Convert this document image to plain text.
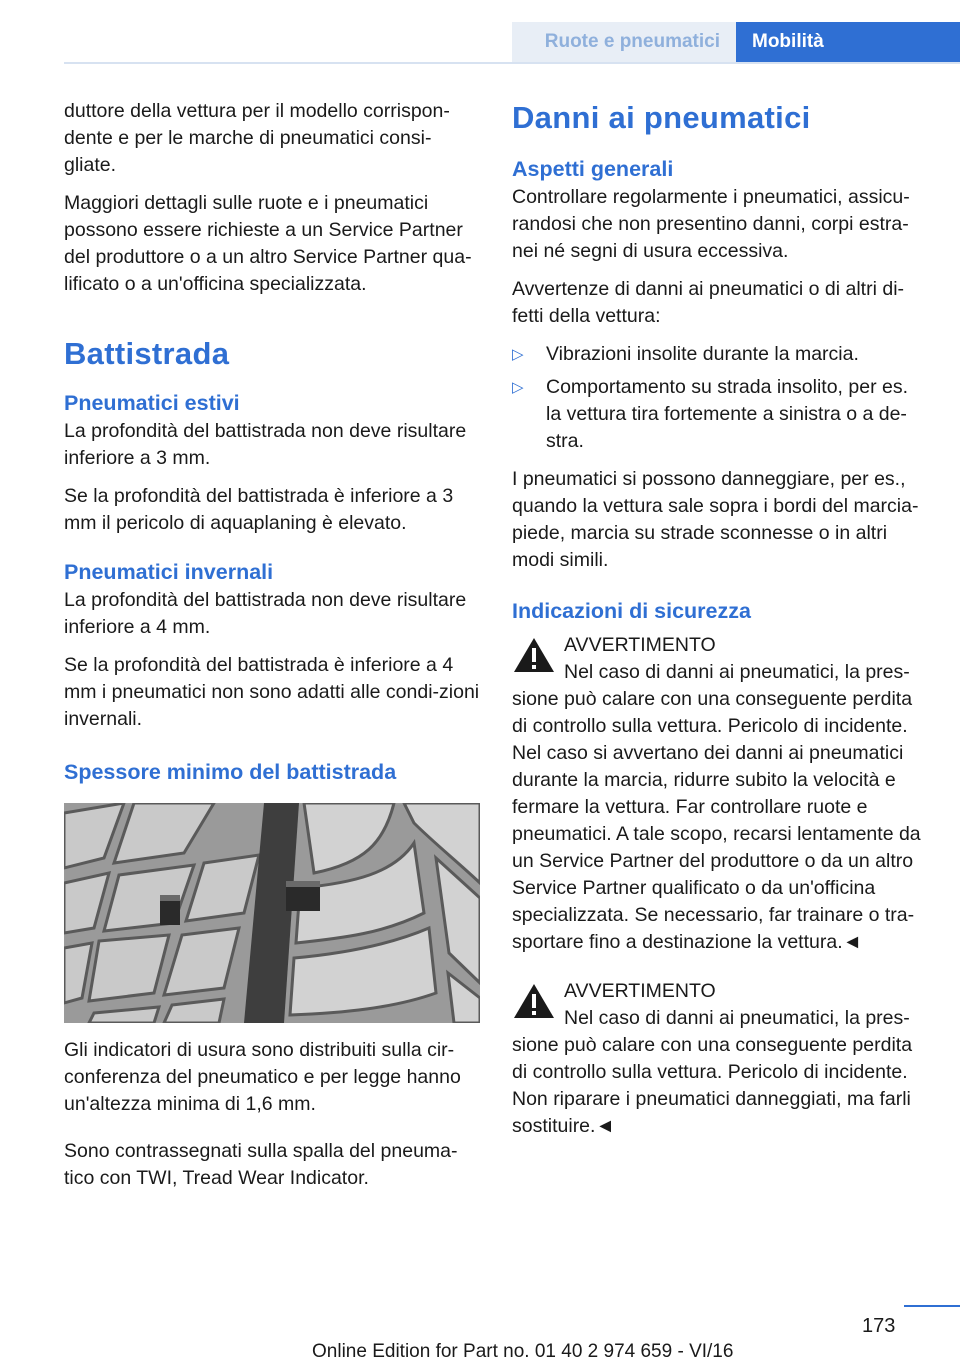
Ruote e pneumatici	Mobilità

duttore della vettura per il modello corrispon-dente e per le marche di pneumatici consi-gliate.

Maggiori dettagli sulle ruote e i pneumatici possono essere richieste a un Service Partner del produttore o a un altro Service Partner qua-lificato o a un'officina specializzata.

Battistrada
Pneumatici estivi

La profondità del battistrada non deve risultare inferiore a 3 mm.

Se la profondità del battistrada è inferiore a 3 mm il pericolo di aquaplaning è elevato.

Pneumatici invernali

La profondità del battistrada non deve risultare inferiore a 4 mm.

Se la profondità del battistrada è inferiore a 4 mm i pneumatici non sono adatti alle condi-zioni invernali.

Spessore minimo del battistrada

Gli indicatori di usura sono distribuiti sulla cir-conferenza del pneumatico e per legge hanno un'altezza minima di 1,6 mm.

Sono contrassegnati sulla spalla del pneuma-tico con TWI, Tread Wear Indicator.

Danni ai pneumatici
Aspetti generali

Controllare regolarmente i pneumatici, assicu-randosi che non presentino danni, corpi estra-nei né segni di usura eccessiva.

Avvertenze di danni ai pneumatici o di altri di-fetti della vettura:

▷ Vibrazioni insolite durante la marcia.
▷ Comportamento su strada insolito, per es. la vettura tira fortemente a sinistra o a de-stra.

I pneumatici si possono danneggiare, per es., quando la vettura sale sopra i bordi del marcia-piede, marcia su strade sconnesse o in altri modi simili.

Indicazioni di sicurezza
AVVERTIMENTO
Nel caso di danni ai pneumatici, la pres-sione può calare con una conseguente perdita di controllo sulla vettura. Pericolo di incidente. Nel caso si avvertano dei danni ai pneumatici durante la marcia, ridurre subito la velocità e fermare la vettura. Far controllare ruote e pneumatici. A tale scopo, recarsi lentamente da un Service Partner del produttore o da un altro Service Partner qualificato o da un'officina specializzata. Se necessario, far trainare o tra-sportare fino a destinazione la vettura.◄
AVVERTIMENTO
Nel caso di danni ai pneumatici, la pres-sione può calare con una conseguente perdita di controllo sulla vettura. Pericolo di incidente. Non riparare i pneumatici danneggiati, ma farli sostituire.◄
173
Online Edition for Part no. 01 40 2 974 659 - VI/16
